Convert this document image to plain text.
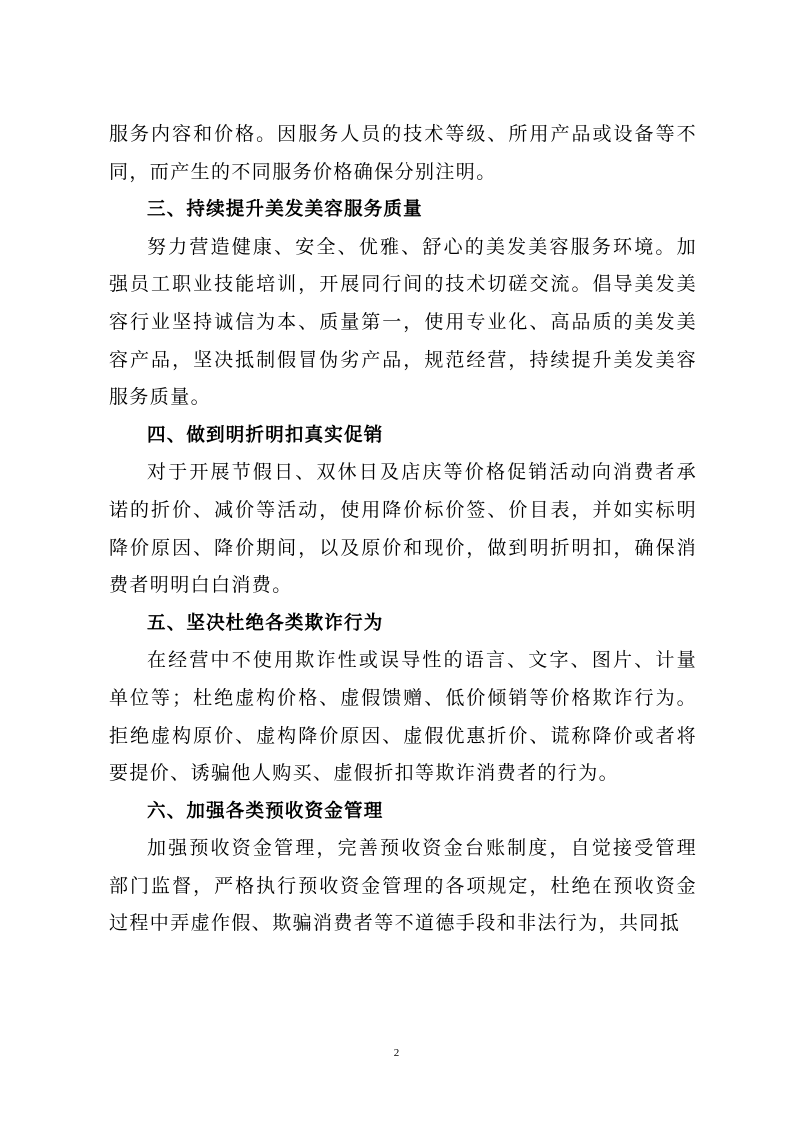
服务内容和价格。因服务人员的技术等级、所用产品或设备等不同，而产生的不同服务价格确保分别注明。

三、持续提升美发美容服务质量

努力营造健康、安全、优雅、舒心的美发美容服务环境。加强员工职业技能培训，开展同行间的技术切磋交流。倡导美发美容行业坚持诚信为本、质量第一，使用专业化、高品质的美发美容产品，坚决抵制假冒伪劣产品，规范经营，持续提升美发美容服务质量。

四、做到明折明扣真实促销

对于开展节假日、双休日及店庆等价格促销活动向消费者承诺的折价、减价等活动，使用降价标价签、价目表，并如实标明降价原因、降价期间，以及原价和现价，做到明折明扣，确保消费者明明白白消费。

五、坚决杜绝各类欺诈行为

在经营中不使用欺诈性或误导性的语言、文字、图片、计量单位等；杜绝虚构价格、虚假馈赠、低价倾销等价格欺诈行为。拒绝虚构原价、虚构降价原因、虚假优惠折价、谎称降价或者将要提价、诱骗他人购买、虚假折扣等欺诈消费者的行为。

六、加强各类预收资金管理

加强预收资金管理，完善预收资金台账制度，自觉接受管理部门监督，严格执行预收资金管理的各项规定，杜绝在预收资金过程中弄虚作假、欺骗消费者等不道德手段和非法行为，共同抵

2
